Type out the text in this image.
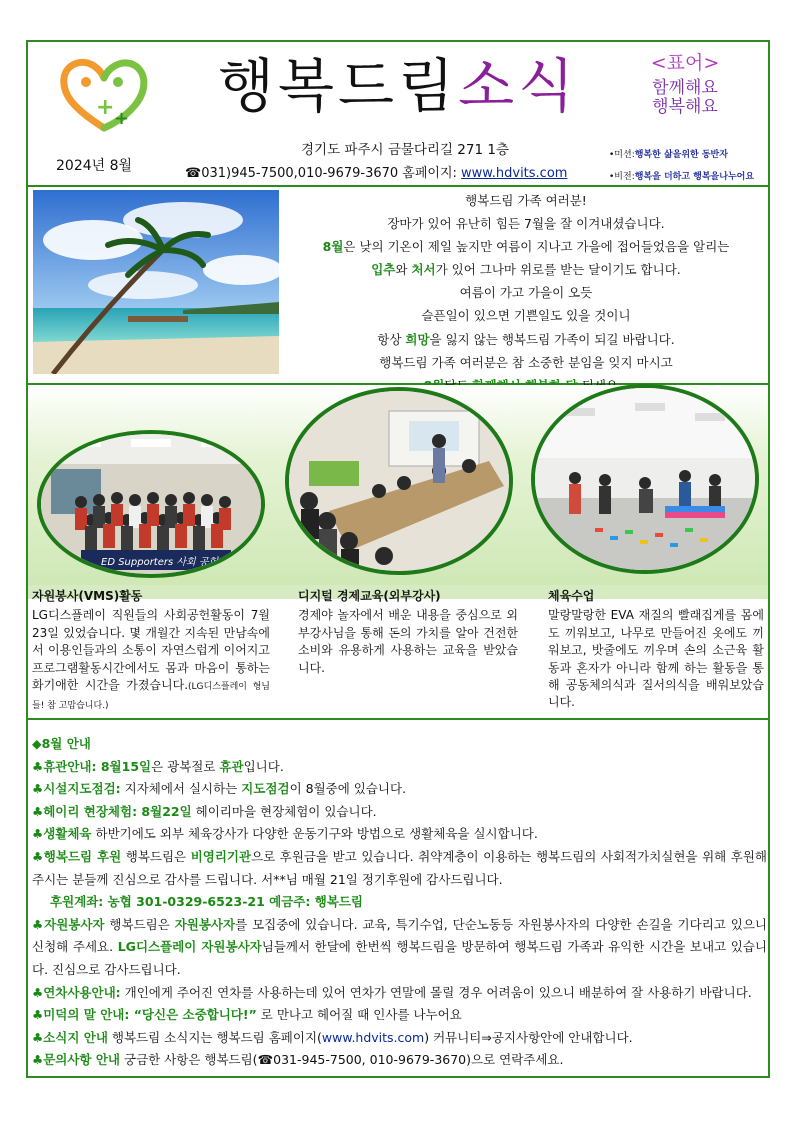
+ + 행복드림소식	<표어>
함께해요
행복해요
2024년 8월
경기도 파주시 금물다리길 271 1층
☎031)945-7500,010-9679-3670 홈페이지: www.hdvits.com
•미션:행복한 삶을위한 동반자
•비전:행복을 더하고 행복을나누어요
행복드림 가족 여러분!
장마가 있어 유난히 힘든 7월을 잘 이겨내셨습니다.
8월은 낮의 기온이 제일 높지만 여름이 지나고 가을에 접어들었음을 알리는
입추와 처서가 있어 그나마 위로를 받는 달이기도 합니다.
여름이 가고 가을이 오듯
슬픈일이 있으면 기쁜일도 있을 것이니
항상 희망을 잃지 않는 행복드림 가족이 되길 바랍니다.
행복드림 가족 여러분은 참 소중한 분임을 잊지 마시고
ED Supporters 사회 공헌
자원봉사(VMS)활동

LG디스플레이 직원들의 사회공헌활동이 7월23일 있었습니다. 몇 개월간 지속된 만남속에서 이용인들과의 소통이 자연스럽게 이어지고 프로그램활동시간에서도 몸과 마음이 통하는 화기애한 시간을 가졌습니다.(LG디스플레이 형님들! 참 고맙습니다.)

디지털 경제교육(외부강사)

경제야 놀자에서 배운 내용을 중심으로 외부강사님을 통해 돈의 가치를 알아 건전한 소비와 유용하게 사용하는 교육을 받았습니다.

체육수업

말랑말랑한 EVA 재질의 빨래집게를 몸에도 끼워보고, 나무로 만들어진 옷에도 끼워보고, 밧줄에도 끼우며 손의 소근육 활동과 혼자가 아니라 함께 하는 활동을 통해 공동체의식과 질서의식을 배워보았습니다.

◆8월 안내
♣휴관안내: 8월15일은 광복절로 휴관입니다.
♣시설지도점검: 지자체에서 실시하는 지도점검이 8월중에 있습니다.
♣헤이리 현장체험: 8월22일 헤이리마을 현장체험이 있습니다.
♣생활체육 하반기에도 외부 체육강사가 다양한 운동기구와 방법으로 생활체육을 실시합니다.
♣행복드림 후원 행복드림은 비영리기관으로 후원금을 받고 있습니다. 취약계층이 이용하는 행복드림의 사회적가치실현을 위해 후원해 주시는 분들께 진심으로 감사를 드립니다. 서**님 매월 21일 정기후원에 감사드립니다.
후원계좌: 농협 301-0329-6523-21 예금주: 행복드림
♣자원봉사자 행복드림은 자원봉사자를 모집중에 있습니다. 교육, 특기수업, 단순노동등 자원봉사자의 다양한 손길을 기다리고 있으니 신청해 주세요. LG디스플레이 자원봉사자님들께서 한달에 한번씩 행복드림을 방문하여 행복드림 가족과 유익한 시간을 보내고 있습니다. 진심으로 감사드립니다.
♣연차사용안내: 개인에게 주어진 연차를 사용하는데 있어 연차가 연말에 몰릴 경우 어려움이 있으니 배분하여 잘 사용하기 바랍니다.
♣미덕의 말 안내: “당신은 소중합니다!” 로 만나고 헤어질 때 인사를 나누어요
♣소식지 안내 행복드림 소식지는 행복드림 홈페이지(www.hdvits.com) 커뮤니티⇒공지사항안에 안내합니다.
♣문의사항 안내 궁금한 사항은 행복드림(☎031-945-7500, 010-9679-3670)으로 연락주세요.
